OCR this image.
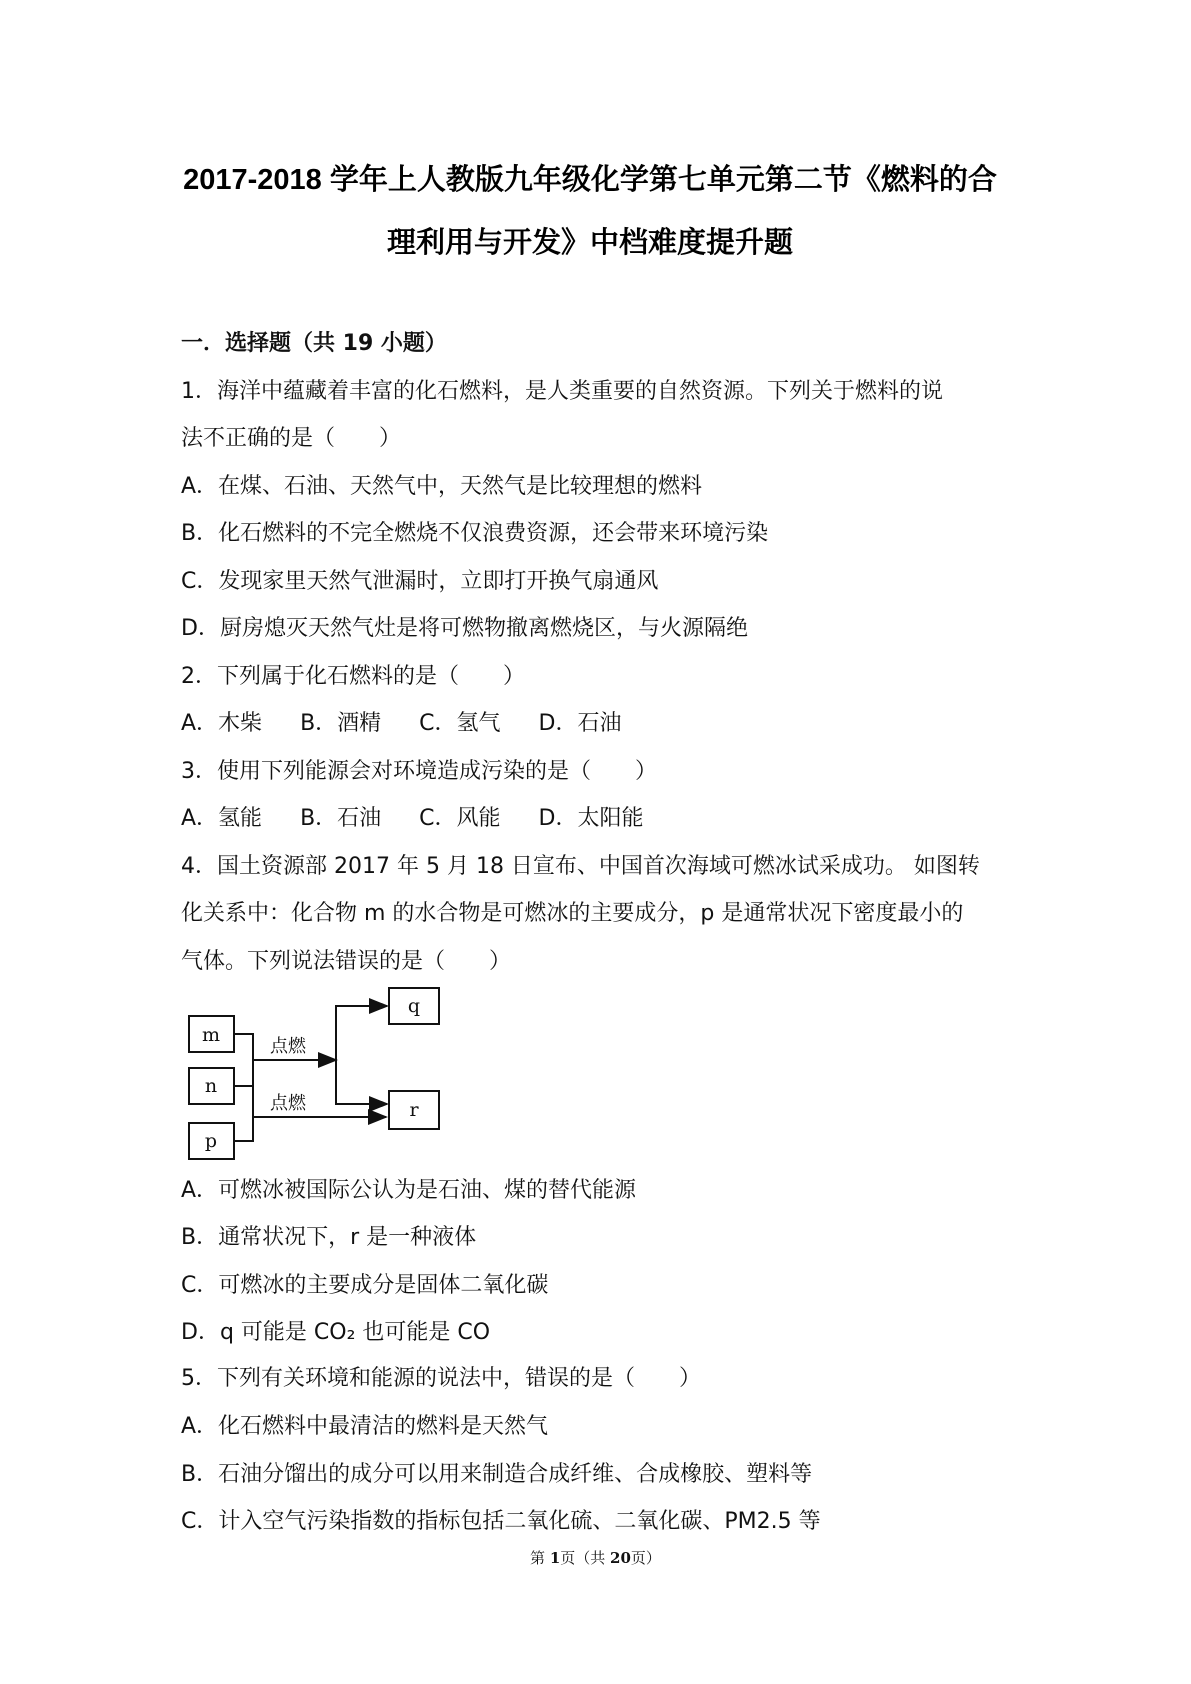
2017-2018 学年上人教版九年级化学第七单元第二节《燃料的合
理利用与开发》中档难度提升题
一．选择题（共 19 小题）
1．海洋中蕴藏着丰富的化石燃料，是人类重要的自然资源。下列关于燃料的说
法不正确的是（　　）
A．在煤、石油、天然气中，天然气是比较理想的燃料
B．化石燃料的不完全燃烧不仅浪费资源，还会带来环境污染
C．发现家里天然气泄漏时，立即打开换气扇通风
D．厨房熄灭天然气灶是将可燃物撤离燃烧区，与火源隔绝
2．下列属于化石燃料的是（　　）
A．木柴 B．酒精 C．氢气 D．石油
3．使用下列能源会对环境造成污染的是（　　）
A．氢能 B．石油 C．风能 D．太阳能
4．国土资源部 2017 年 5 月 18 日宣布、中国首次海域可燃冰试采成功。 如图转
化关系中：化合物 m 的水合物是可燃冰的主要成分，p 是通常状况下密度最小的
气体。下列说法错误的是（　　）
m
n
p
q
r
点燃
点燃
A．可燃冰被国际公认为是石油、煤的替代能源
B．通常状况下，r 是一种液体
C．可燃冰的主要成分是固体二氧化碳
D．q 可能是 CO₂ 也可能是 CO
5．下列有关环境和能源的说法中，错误的是（　　）
A．化石燃料中最清洁的燃料是天然气
B．石油分馏出的成分可以用来制造合成纤维、合成橡胶、塑料等
C．计入空气污染指数的指标包括二氧化硫、二氧化碳、PM2.5 等
第 1页（共 20页）
